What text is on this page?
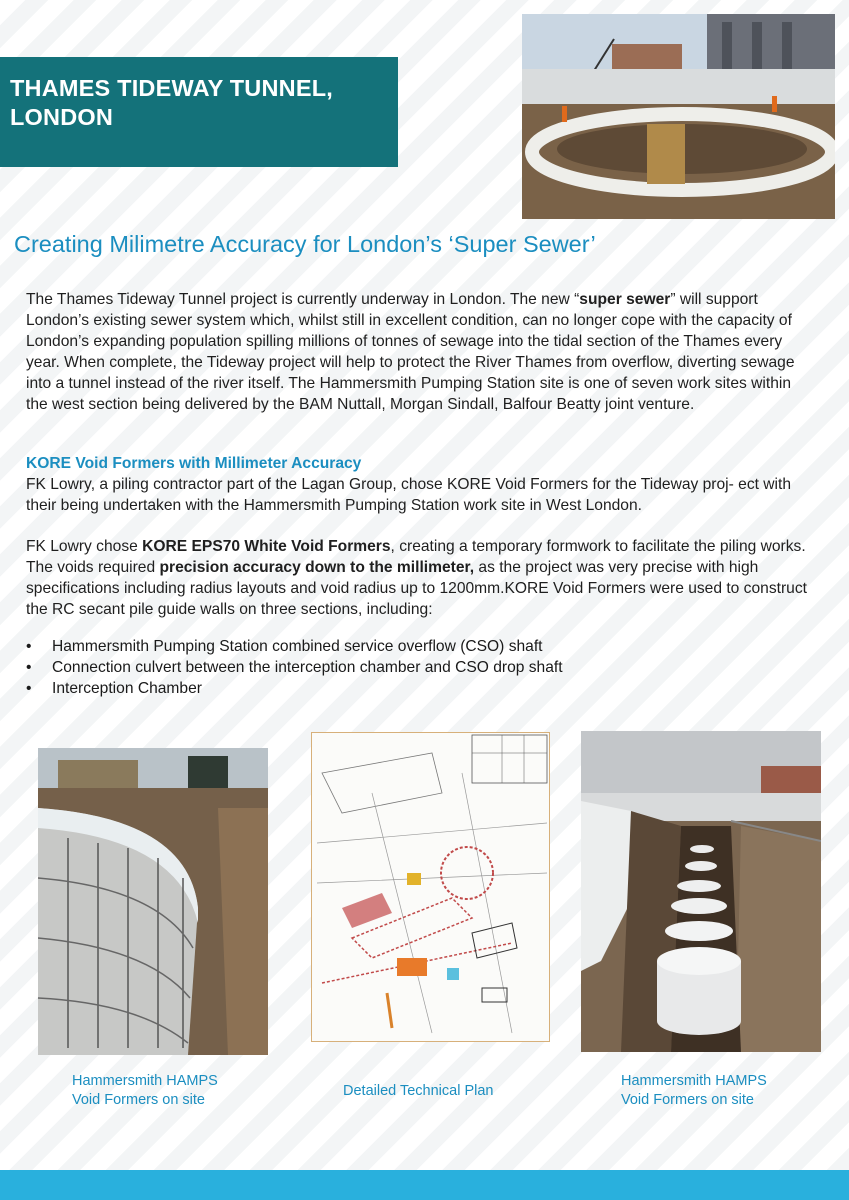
THAMES TIDEWAY TUNNEL,
LONDON
Creating Milimetre Accuracy for London’s ‘Super Sewer’

The Thames Tideway Tunnel project is currently underway in London. The new “super sewer” will support London’s existing sewer system which, whilst still in excellent condition, can no longer cope with the capacity of London’s expanding population spilling millions of tonnes of sewage into the tidal section of the Thames every year. When complete, the Tideway project will help to protect the River Thames from overflow, diverting sewage into a tunnel instead of the river itself. The Hammersmith Pumping Station site is one of seven work sites within the west section being delivered by the BAM Nuttall, Morgan Sindall, Balfour Beatty joint venture.

KORE Void Formers with Millimeter Accuracy
FK Lowry, a piling contractor part of the Lagan Group, chose KORE Void Formers for the Tideway proj- ect with their being undertaken with the Hammersmith Pumping Station work site in West London.

FK Lowry chose KORE EPS70 White Void Formers, creating a temporary formwork to facilitate the piling works. The voids required precision accuracy down to the millimeter, as the project was very precise with high specifications including radius layouts and void radius up to 1200mm.KORE Void Formers were used to construct the RC secant pile guide walls on three sections, including:

• Hammersmith Pumping Station combined service overflow (CSO) shaft
• Connection culvert between the interception chamber and CSO drop shaft
• Interception Chamber
Hammersmith HAMPS
Void Formers on site
Detailed Technical Plan
Hammersmith HAMPS
Void Formers on site
